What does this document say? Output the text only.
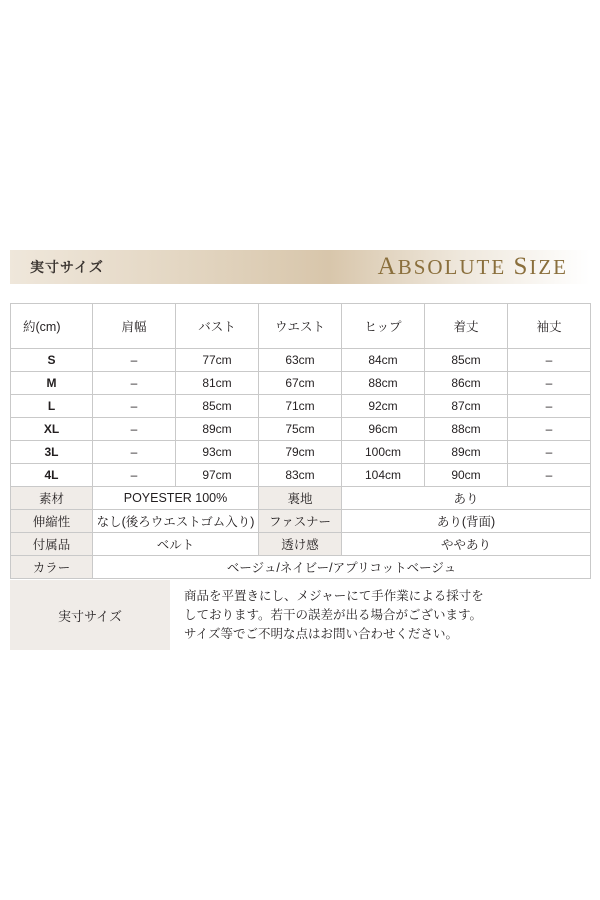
実寸サイズ	ABSOLUTE SIZE
約(cm)	肩幅	バスト	ウエスト	ヒップ	着丈	袖丈
S	–	77cm	63cm	84cm	85cm	–
M	–	81cm	67cm	88cm	86cm	–
L	–	85cm	71cm	92cm	87cm	–
XL	–	89cm	75cm	96cm	88cm	–
3L	–	93cm	79cm	100cm	89cm	–
4L	–	97cm	83cm	104cm	90cm	–
素材	POYESTER 100%		裏地	あり		
伸縮性	なし(後ろウエストゴム入り)		ファスナー	あり(背面)		
付属品	ベルト		透け感	ややあり		
カラー	ベージュ/ネイビー/アプリコットベージュ					
実寸サイズ

商品を平置きにし、メジャーにて手作業による採寸を
しております。若干の誤差が出る場合がございます。
サイズ等でご不明な点はお問い合わせください。
